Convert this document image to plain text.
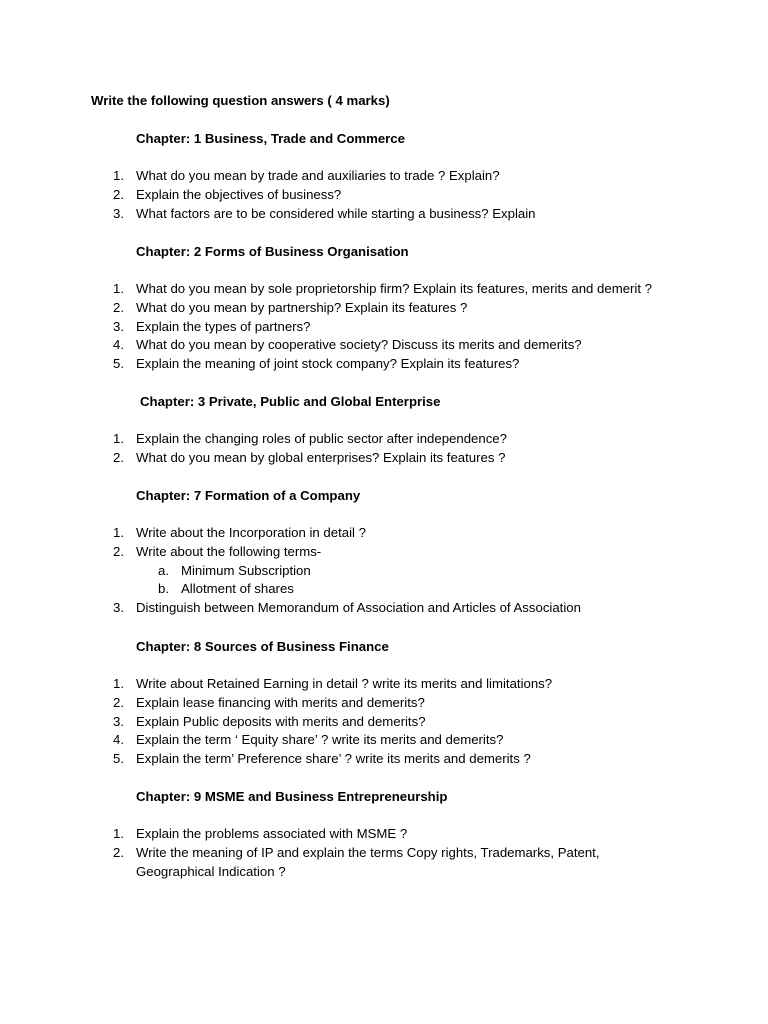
Write the following question answers ( 4 marks)
Chapter: 1 Business, Trade and Commerce
1. What do you mean by trade and auxiliaries to trade ? Explain?
2. Explain the objectives of business?
3. What factors are to be considered while starting a business? Explain
Chapter: 2 Forms of Business Organisation
1. What do you mean by sole proprietorship firm? Explain its features, merits and demerit ?
2. What do you mean by partnership? Explain its features ?
3. Explain the types of partners?
4. What do you mean by cooperative society? Discuss its merits and demerits?
5. Explain the meaning of joint stock company? Explain its features?
Chapter: 3 Private, Public and Global Enterprise
1. Explain the changing roles of public sector after independence?
2. What do you mean by global enterprises? Explain its features ?
Chapter: 7 Formation of a Company
1. Write about the Incorporation in detail ?
2. Write about the following terms-
a. Minimum Subscription
b. Allotment of shares
3. Distinguish between Memorandum of Association and Articles of Association
Chapter: 8 Sources of Business Finance
1. Write about Retained Earning in detail ? write its merits and limitations?
2. Explain lease financing with merits and demerits?
3. Explain Public deposits with merits and demerits?
4. Explain the term ‘ Equity share’ ? write its merits and demerits?
5. Explain the term’ Preference share’ ? write its merits and demerits ?
Chapter: 9 MSME and Business Entrepreneurship
1. Explain the problems associated with MSME ?
2. Write the meaning of IP and explain the terms Copy rights, Trademarks, Patent, Geographical Indication ?
